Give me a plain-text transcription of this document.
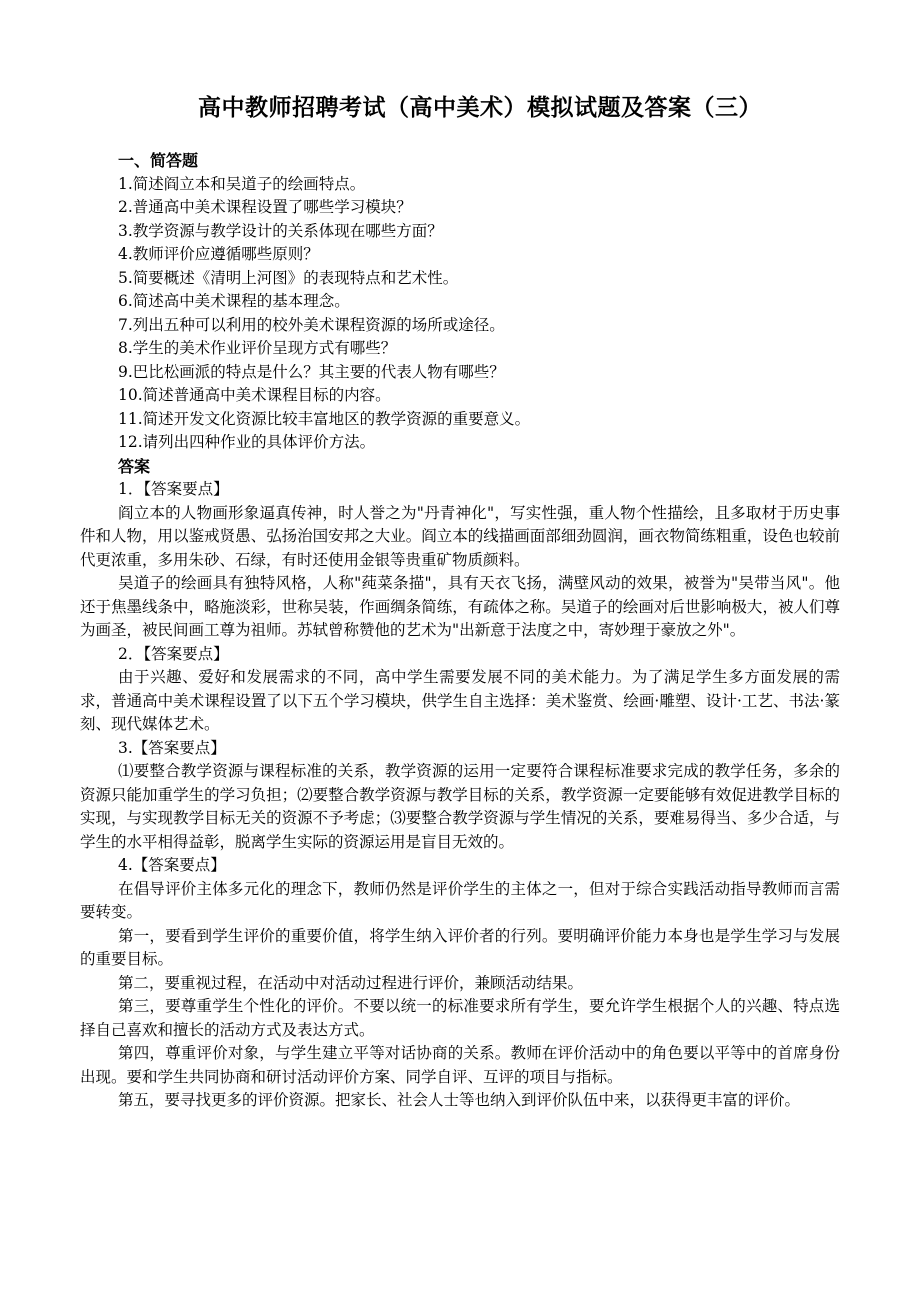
高中教师招聘考试（高中美术）模拟试题及答案（三）
一、简答题
1.简述阎立本和吴道子的绘画特点。
2.普通高中美术课程设置了哪些学习模块？
3.教学资源与教学设计的关系体现在哪些方面？
4.教师评价应遵循哪些原则？
5.简要概述《清明上河图》的表现特点和艺术性。
6.简述高中美术课程的基本理念。
7.列出五种可以利用的校外美术课程资源的场所或途径。
8.学生的美术作业评价呈现方式有哪些？
9.巴比松画派的特点是什么？其主要的代表人物有哪些？
10.简述普通高中美术课程目标的内容。
11.简述开发文化资源比较丰富地区的教学资源的重要意义。
12.请列出四种作业的具体评价方法。
答案
1．【答案要点】

阎立本的人物画形象逼真传神，时人誉之为"丹青神化"，写实性强，重人物个性描绘，且多取材于历史事件和人物，用以鉴戒贤愚、弘扬治国安邦之大业。阎立本的线描画面部细劲圆润，画衣物简练粗重，设色也较前代更浓重，多用朱砂、石绿，有时还使用金银等贵重矿物质颜料。

吴道子的绘画具有独特风格，人称"莼菜条描"，具有天衣飞扬，满壁风动的效果，被誉为"吴带当风"。他还于焦墨线条中，略施淡彩，世称吴装，作画绸条简练，有疏体之称。吴道子的绘画对后世影响极大，被人们尊为画圣，被民间画工尊为祖师。苏轼曾称赞他的艺术为"出新意于法度之中，寄妙理于豪放之外"。

2．【答案要点】

由于兴趣、爱好和发展需求的不同，高中学生需要发展不同的美术能力。为了满足学生多方面发展的需求，普通高中美术课程设置了以下五个学习模块，供学生自主选择：美术鉴赏、绘画·雕塑、设计·工艺、书法·篆刻、现代媒体艺术。

3.【答案要点】

⑴要整合教学资源与课程标准的关系，教学资源的运用一定要符合课程标准要求完成的教学任务，多余的资源只能加重学生的学习负担；⑵要整合教学资源与教学目标的关系，教学资源一定要能够有效促进教学目标的实现，与实现教学目标无关的资源不予考虑；⑶要整合教学资源与学生情况的关系，要难易得当、多少合适，与学生的水平相得益彰，脱离学生实际的资源运用是盲目无效的。

4.【答案要点】

在倡导评价主体多元化的理念下，教师仍然是评价学生的主体之一，但对于综合实践活动指导教师而言需要转变。

第一，要看到学生评价的重要价值，将学生纳入评价者的行列。要明确评价能力本身也是学生学习与发展的重要目标。

第二，要重视过程，在活动中对活动过程进行评价，兼顾活动结果。

第三，要尊重学生个性化的评价。不要以统一的标准要求所有学生，要允许学生根据个人的兴趣、特点选择自己喜欢和擅长的活动方式及表达方式。

第四，尊重评价对象，与学生建立平等对话协商的关系。教师在评价活动中的角色要以平等中的首席身份出现。要和学生共同协商和研讨活动评价方案、同学自评、互评的项目与指标。

第五，要寻找更多的评价资源。把家长、社会人士等也纳入到评价队伍中来，以获得更丰富的评价。
